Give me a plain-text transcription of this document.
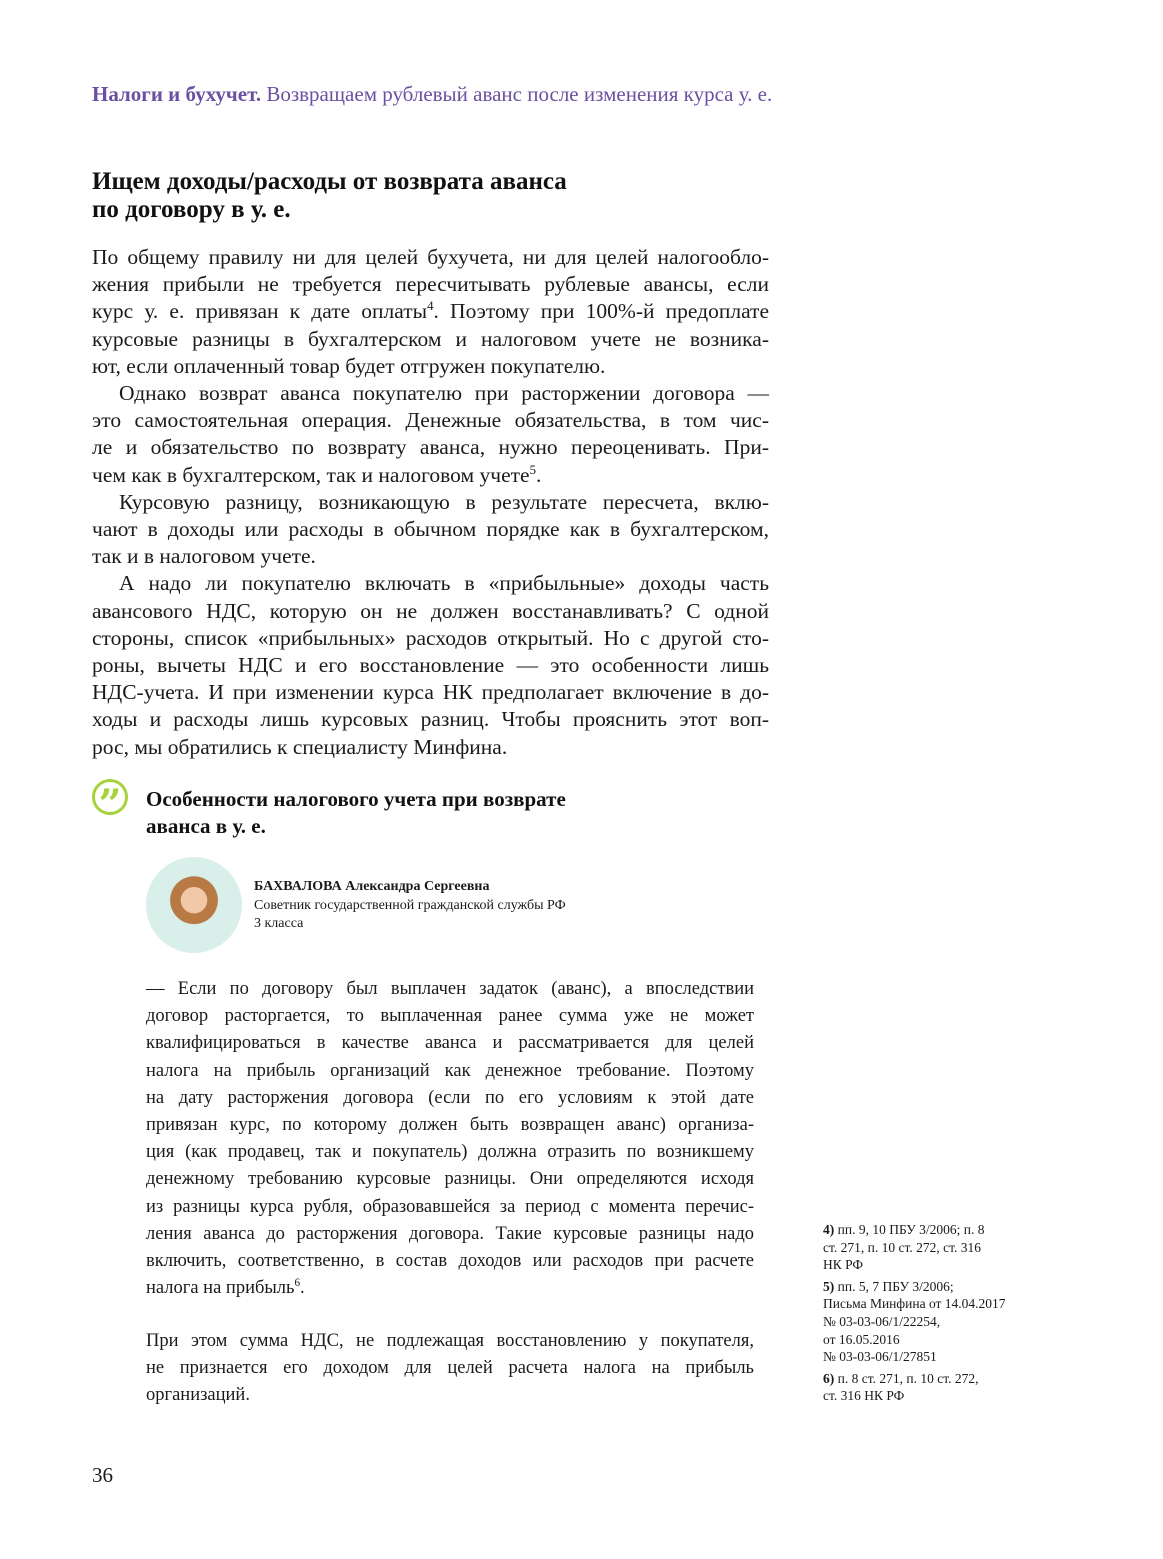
Налоги и бухучет. Возвращаем рублевый аванс после изменения курса у. е.
Ищем доходы/расходы от возврата аванса
по договору в у. е.
По общему правилу ни для целей бухучета, ни для целей налогообло-
жения прибыли не требуется пересчитывать рублевые авансы, если
курс у. е. привязан к дате оплаты$^4$. Поэтому при 100%-й предоплате
курсовые разницы в бухгалтерском и налоговом учете не возника-
ют, если оплаченный товар будет отгружен покупателю.
Однако возврат аванса покупателю при расторжении договора —
это самостоятельная операция. Денежные обязательства, в том чис-
ле и обязательство по возврату аванса, нужно переоценивать. При-
чем как в бухгалтерском, так и налоговом учете$^5$.
Курсовую разницу, возникающую в результате пересчета, вклю-
чают в доходы или расходы в обычном порядке как в бухгалтерском,
так и в налоговом учете.
А надо ли покупателю включать в «прибыльные» доходы часть
авансового НДС, которую он не должен восстанавливать? С одной
стороны, список «прибыльных» расходов открытый. Но с другой сто-
роны, вычеты НДС и его восстановление — это особенности лишь
НДС-учета. И при изменении курса НК предполагает включение в до-
ходы и расходы лишь курсовых разниц. Чтобы прояснить этот воп-
рос, мы обратились к специалисту Минфина.
”	Особенности налогового учета при возврате
аванса в у. е.
БАХВАЛОВА Александра Сергеевна
Советник государственной гражданской службы РФ
3 класса
— Если по договору был выплачен задаток (аванс), а впоследствии
договор расторгается, то выплаченная ранее сумма уже не может
квалифицироваться в качестве аванса и рассматривается для целей
налога на прибыль организаций как денежное требование. Поэтому
на дату расторжения договора (если по его условиям к этой дате
привязан курс, по которому должен быть возвращен аванс) организа-
ция (как продавец, так и покупатель) должна отразить по возникшему
денежному требованию курсовые разницы. Они определяются исходя
из разницы курса рубля, образовавшейся за период с момента перечис-
ления аванса до расторжения договора. Такие курсовые разницы надо
включить, соответственно, в состав доходов или расходов при расчете
налога на прибыль$^6$.
При этом сумма НДС, не подлежащая восстановлению у покупателя,
не признается его доходом для целей расчета налога на прибыль
организаций.
4) пп. 9, 10 ПБУ 3/2006; п. 8
ст. 271, п. 10 ст. 272, ст. 316
НК РФ
5) пп. 5, 7 ПБУ 3/2006;
Письма Минфина от 14.04.2017
№ 03-03-06/1/22254,
от 16.05.2016
№ 03-03-06/1/27851
6) п. 8 ст. 271, п. 10 ст. 272,
ст. 316 НК РФ
36
